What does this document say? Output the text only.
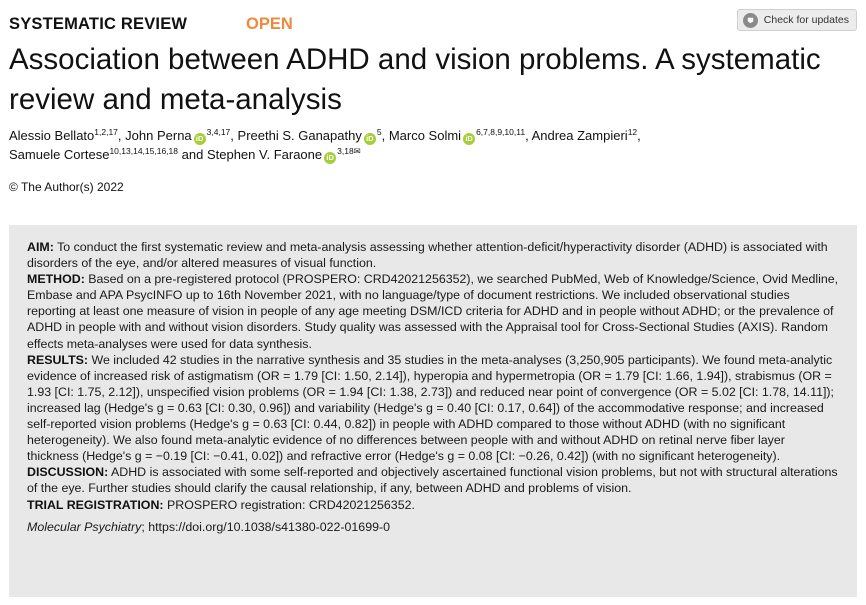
SYSTEMATIC REVIEW	OPEN	Check for updates
Association between ADHD and vision problems. A systematic review and meta-analysis
Alessio Bellato$^{1,2,17}$, John Perna iD$^{3,4,17}$, Preethi S. Ganapathy $iD^5$, Marco Solmi iD$^{6,7,8,9,10,11}$, Andrea Zampieri$^{12}$,
Samuele Cortese$^{10,13,14,15,16,18}$ and Stephen V. Faraone $iD^{3,18✉}$
© The Author(s) 2022

AIM: To conduct the first systematic review and meta-analysis assessing whether attention-deficit/hyperactivity disorder (ADHD) is associated with disorders of the eye, and/or altered measures of visual function.

METHOD: Based on a pre-registered protocol (PROSPERO: CRD42021256352), we searched PubMed, Web of Knowledge/Science, Ovid Medline, Embase and APA PsycINFO up to 16th November 2021, with no language/type of document restrictions. We included observational studies reporting at least one measure of vision in people of any age meeting DSM/ICD criteria for ADHD and in people without ADHD; or the prevalence of ADHD in people with and without vision disorders. Study quality was assessed with the Appraisal tool for Cross-Sectional Studies (AXIS). Random effects meta-analyses were used for data synthesis.

RESULTS: We included 42 studies in the narrative synthesis and 35 studies in the meta-analyses (3,250,905 participants). We found meta-analytic evidence of increased risk of astigmatism (OR = 1.79 [CI: 1.50, 2.14]), hyperopia and hypermetropia (OR = 1.79 [CI: 1.66, 1.94]), strabismus (OR = 1.93 [CI: 1.75, 2.12]), unspecified vision problems (OR = 1.94 [CI: 1.38, 2.73]) and reduced near point of convergence (OR = 5.02 [CI: 1.78, 14.11]); increased lag (Hedge's g = 0.63 [CI: 0.30, 0.96]) and variability (Hedge's g = 0.40 [CI: 0.17, 0.64]) of the accommodative response; and increased self-reported vision problems (Hedge's g = 0.63 [CI: 0.44, 0.82]) in people with ADHD compared to those without ADHD (with no significant heterogeneity). We also found meta-analytic evidence of no differences between people with and without ADHD on retinal nerve fiber layer thickness (Hedge's g = −0.19 [CI: −0.41, 0.02]) and refractive error (Hedge's g = 0.08 [CI: −0.26, 0.42]) (with no significant heterogeneity).

DISCUSSION: ADHD is associated with some self-reported and objectively ascertained functional vision problems, but not with structural alterations of the eye. Further studies should clarify the causal relationship, if any, between ADHD and problems of vision.

TRIAL REGISTRATION: PROSPERO registration: CRD42021256352.

Molecular Psychiatry; https://doi.org/10.1038/s41380-022-01699-0
